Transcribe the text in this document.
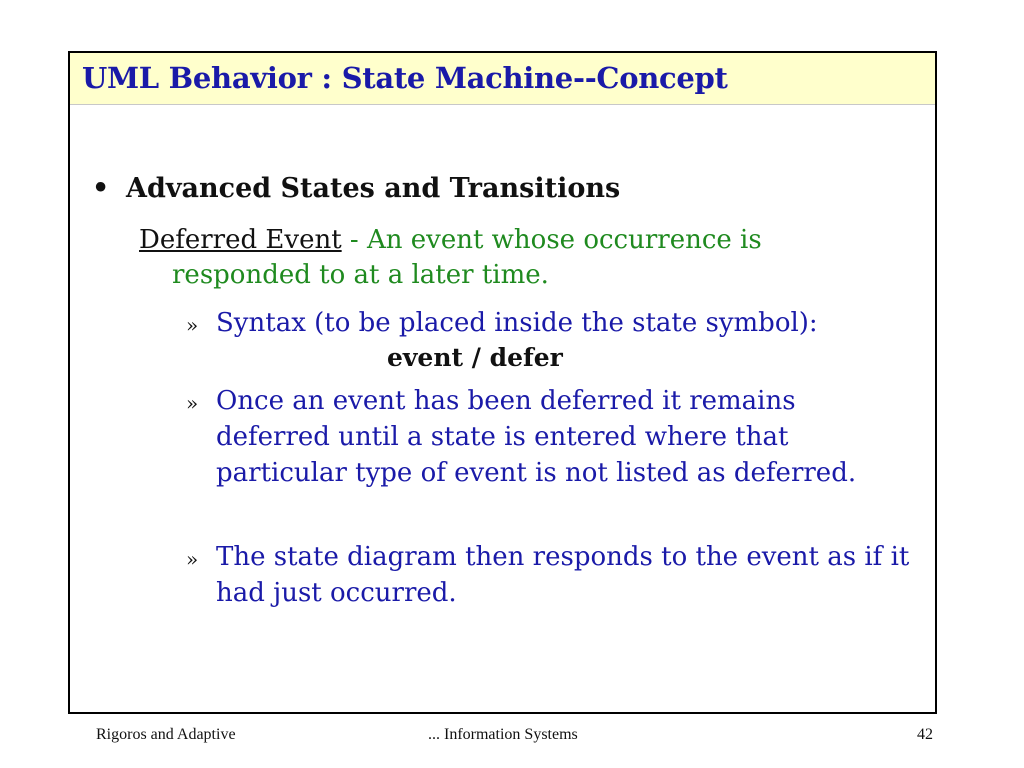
UML Behavior : State Machine--Concept
• Advanced States and Transitions
Deferred Event - An event whose occurrence is
responded to at a later time.
» Syntax (to be placed inside the state symbol):
event / defer
» Once an event has been deferred it remains deferred until a state is entered where that particular type of event is not listed as deferred.
» The state diagram then responds to the event as if it had just occurred.
Rigoros and Adaptive	... Information Systems	42
